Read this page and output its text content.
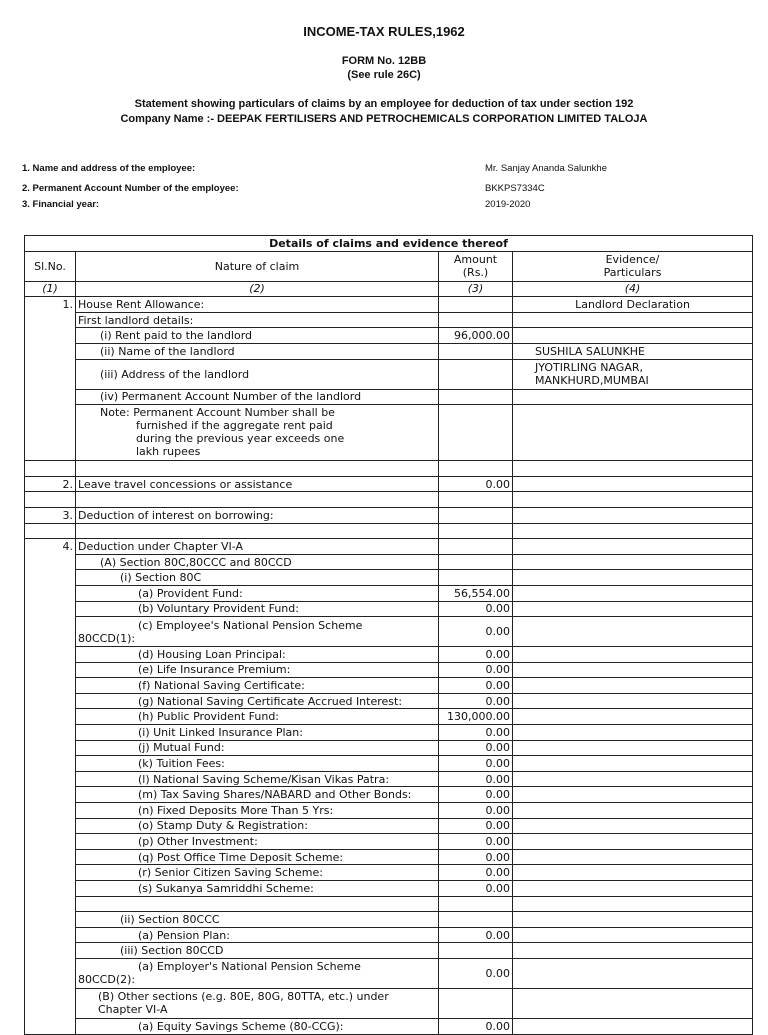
INCOME-TAX RULES,1962
FORM No. 12BB
(See rule 26C)
Statement showing particulars of claims by an employee for deduction of tax under section 192
Company Name :- DEEPAK FERTILISERS AND PETROCHEMICALS CORPORATION LIMITED TALOJA
1. Name and address of the employee:	Mr. Sanjay Ananda Salunkhe
2. Permanent Account Number of the employee:	BKKPS7334C
3. Financial year:	2019-2020
Details of claims and evidence thereof			
Sl.No.	Nature of claim	Amount (Rs.)	Evidence/ Particulars
(1)	(2)	(3)	(4)
1.	House Rent Allowance:		Landlord Declaration
	First landlord details:		
	(i) Rent paid to the landlord	96,000.00	
	(ii) Name of the landlord		SUSHILA SALUNKHE
	(iii) Address of the landlord		JYOTIRLING NAGAR, MANKHURD,MUMBAI
	(iv) Permanent Account Number of the landlord		

	Note: Permanent Account Number shall be
furnished if the aggregate rent paid
during the previous year exceeds one
lakh rupees		

2.	Leave travel concessions or assistance	0.00	

3.	Deduction of interest on borrowing:		

4.	Deduction under Chapter VI-A		
	(A) Section 80C,80CCC and 80CCD		
	(i) Section 80C		
	(a) Provident Fund:	56,554.00	
	(b) Voluntary Provident Fund:	0.00	

	(c) Employee's National Pension Scheme
80CCD(1):	0.00	
	(d) Housing Loan Principal:	0.00	
	(e) Life Insurance Premium:	0.00	
	(f) National Saving Certificate:	0.00	
	(g) National Saving Certificate Accrued Interest:	0.00	
	(h) Public Provident Fund:	130,000.00	
	(i) Unit Linked Insurance Plan:	0.00	
	(j) Mutual Fund:	0.00	
	(k) Tuition Fees:	0.00	
	(l) National Saving Scheme/Kisan Vikas Patra:	0.00	
	(m) Tax Saving Shares/NABARD and Other Bonds:	0.00	
	(n) Fixed Deposits More Than 5 Yrs:	0.00	
	(o) Stamp Duty & Registration:	0.00	
	(p) Other Investment:	0.00	
	(q) Post Office Time Deposit Scheme:	0.00	
	(r) Senior Citizen Saving Scheme:	0.00	
	(s) Sukanya Samriddhi Scheme:	0.00	

	(ii) Section 80CCC		
	(a) Pension Plan:	0.00	
	(iii) Section 80CCD		

	(a) Employer's National Pension Scheme
80CCD(2):	0.00	
	(B) Other sections (e.g. 80E, 80G, 80TTA, etc.) under Chapter VI-A		
	(a) Equity Savings Scheme (80-CCG):	0.00	
